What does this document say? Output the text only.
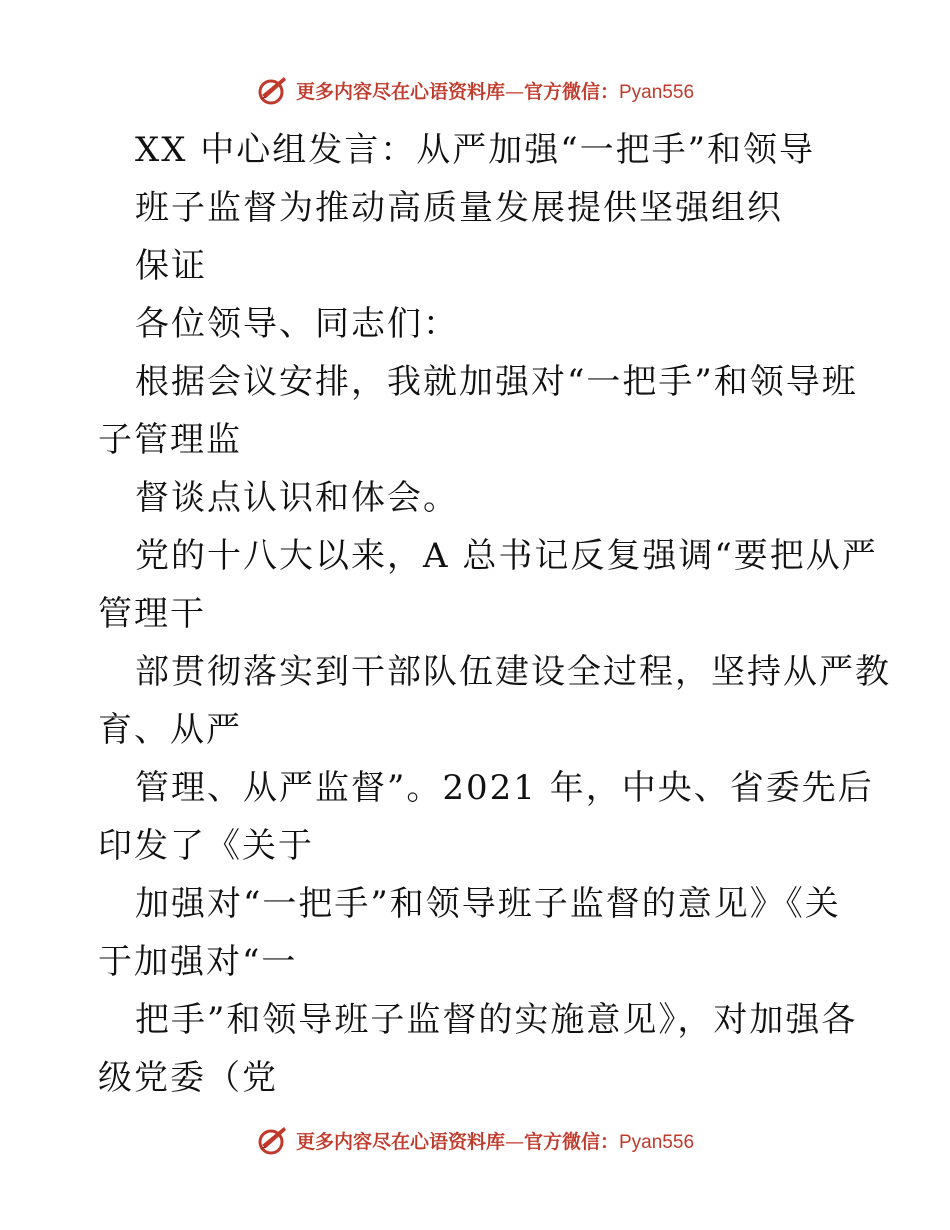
更多内容尽在心语资料库—官方微信：Pyan556
XX 中心组发言：从严加强“一把手”和领导
班子监督为推动高质量发展提供坚强组织
保证
各位领导、同志们：
根据会议安排，我就加强对“一把手”和领导班
子管理监
督谈点认识和体会。
党的十八大以来，A 总书记反复强调“要把从严
管理干
部贯彻落实到干部队伍建设全过程，坚持从严教
育、从严
管理、从严监督”。2021 年，中央、省委先后
印发了《关于
加强对“一把手”和领导班子监督的意见》《关
于加强对“一
把手”和领导班子监督的实施意见》，对加强各
级党委（党
更多内容尽在心语资料库—官方微信：Pyan556
